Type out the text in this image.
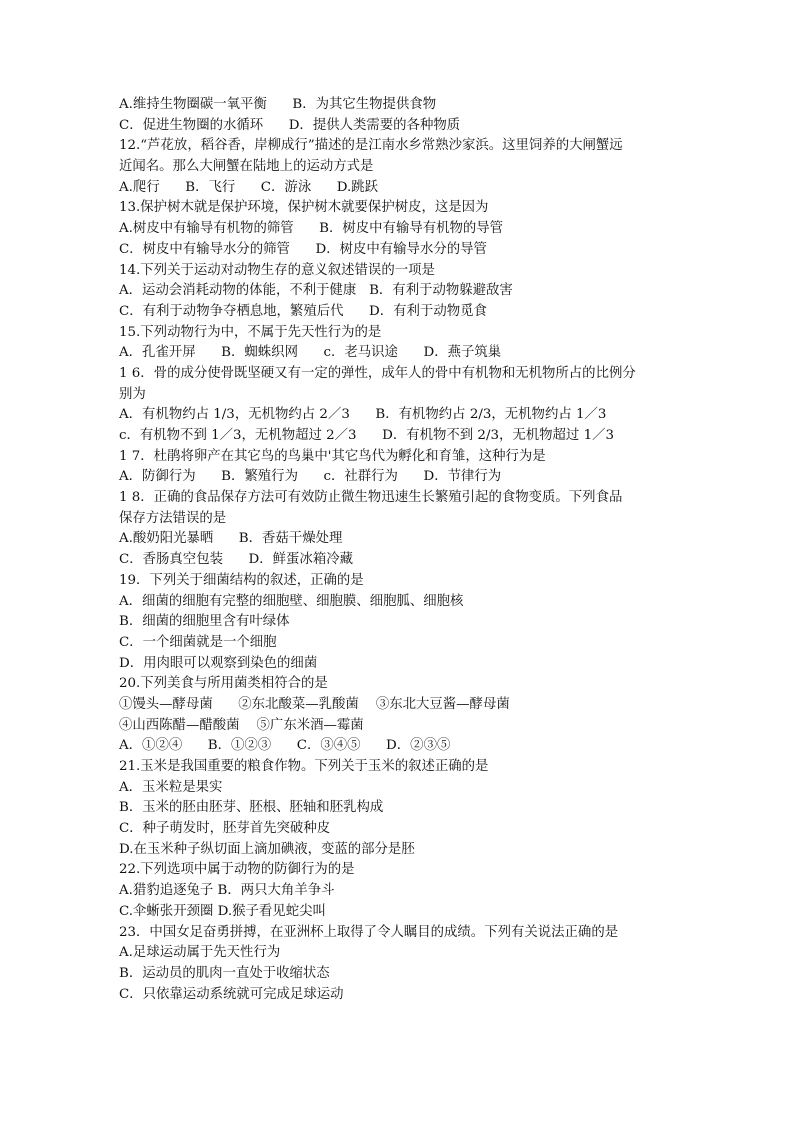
A.维持生物圈碳一氧平衡      B．为其它生物提供食物
C．促进生物圈的水循环      D．提供人类需要的各种物质
12.“芦花放，稻谷香，岸柳成行”描述的是江南水乡常熟沙家浜。这里饲养的大闸蟹远
近闻名。那么大闸蟹在陆地上的运动方式是
A.爬行      B．飞行      C．游泳      D.跳跃
13.保护树木就是保护环境，保护树木就要保护树皮，这是因为
A.树皮中有输导有机物的筛管      B．树皮中有输导有机物的导管
C．树皮中有输导水分的筛管      D．树皮中有输导水分的导管
14.下列关于运动对动物生存的意义叙述错误的一项是
A．运动会消耗动物的体能，不利于健康   B．有利于动物躲避敌害
C．有利于动物争夺栖息地，繁殖后代      D．有利于动物觅食
15.下列动物行为中，不属于先天性行为的是
A．孔雀开屏      B．蜘蛛织网      c．老马识途      D．燕子筑巢
1 6．骨的成分使骨既坚硬又有一定的弹性，成年人的骨中有机物和无机物所占的比例分
别为
A．有机物约占 1/3，无机物约占 2／3      B．有机物约占 2/3，无机物约占 1／3
c．有机物不到 1／3，无机物超过 2／3      D．有机物不到 2/3，无机物超过 1／3
1 7．杜鹃将卵产在其它鸟的鸟巢中'其它鸟代为孵化和育雏，这种行为是
A．防御行为      B．繁殖行为      c．社群行为      D．节律行为
1 8．正确的食品保存方法可有效防止微生物迅速生长繁殖引起的食物变质。下列食品
保存方法错误的是
A.酸奶阳光暴晒      B．香菇干燥处理
C．香肠真空包装      D．鲜蛋冰箱冷藏
19．下列关于细菌结构的叙述，正确的是
A．细菌的细胞有完整的细胞壁、细胞膜、细胞胍、细胞核
B．细菌的细胞里含有叶绿体
C．一个细菌就是一个细胞
D．用肉眼可以观察到染色的细菌
20.下列美食与所用菌类相符合的是
①馒头—酵母菌      ②东北酸菜—乳酸菌    ③东北大豆酱—酵母菌
④山西陈醋—醋酸菌    ⑤广东米酒—霉菌
A．①②④      B．①②③      C．③④⑤      D．②③⑤
21.玉米是我国重要的粮食作物。下列关于玉米的叙述正确的是
A．玉米粒是果实
B．玉米的胚由胚芽、胚根、胚轴和胚乳构成
C．种子萌发时，胚芽首先突破种皮
D.在玉米种子纵切面上滴加碘液，变蓝的部分是胚
22.下列选项中属于动物的防御行为的是
A.猎豹追逐兔子 B．两只大角羊争斗
C.伞蜥张开颈圈 D.猴子看见蛇尖叫
23．中国女足奋勇拼搏，在亚洲杯上取得了令人瞩目的成绩。下列有关说法正确的是
A.足球运动属于先天性行为
B．运动员的肌肉一直处于收缩状态
C．只依靠运动系统就可完成足球运动
